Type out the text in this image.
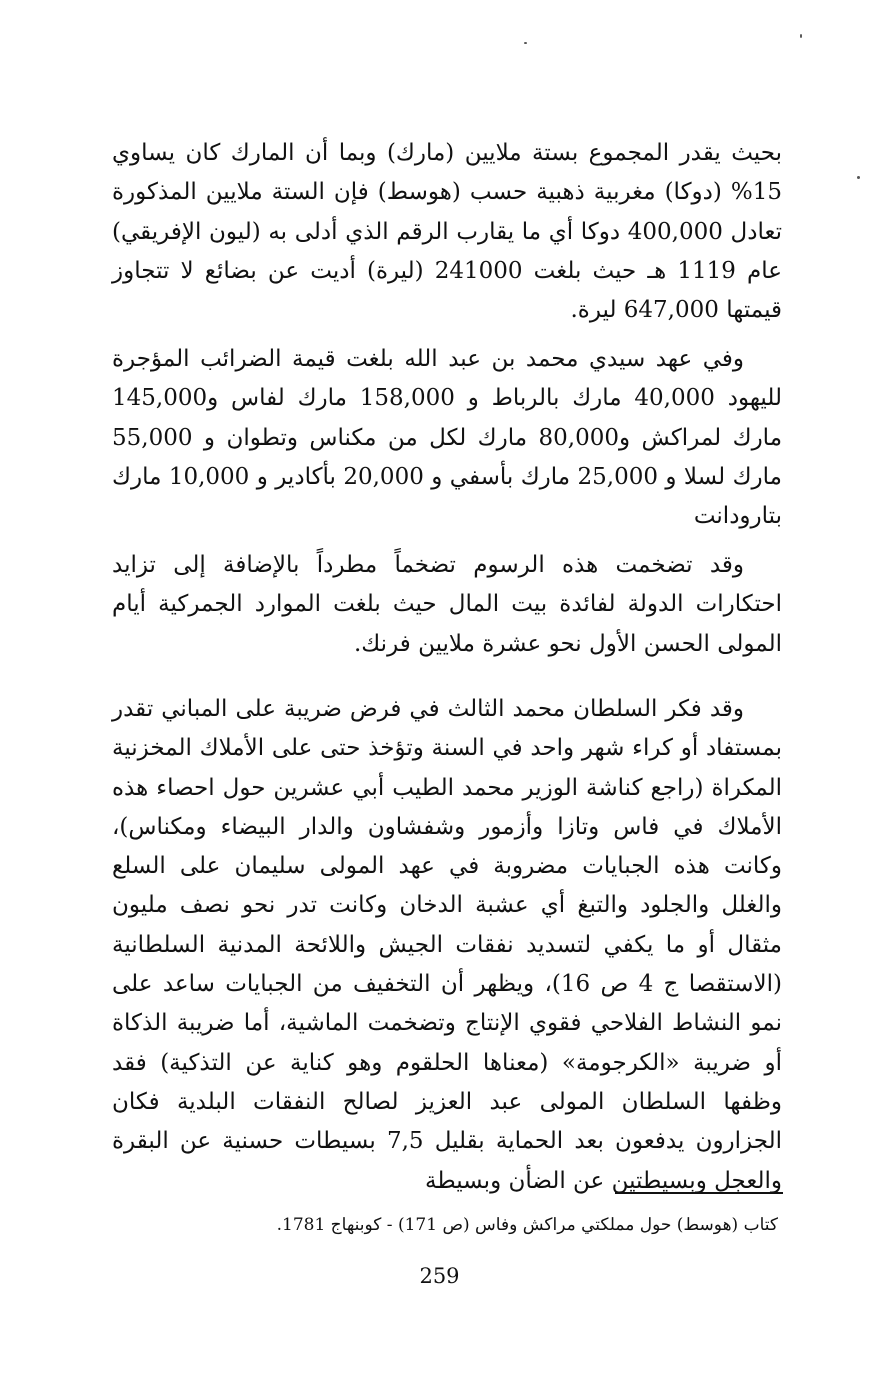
بحيث يقدر المجموع بستة ملايين (مارك) وبما أن المارك كان يساوي 15% (دوكا) مغربية ذهبية حسب (هوسط) فإن الستة ملايين المذكورة تعادل 400,000 دوكا أي ما يقارب الرقم الذي أدلى به (ليون الإفريقي) عام 1119 هـ حيث بلغت 241000 (ليرة) أديت عن بضائع لا تتجاوز قيمتها 647,000 ليرة.

وفي عهد سيدي محمد بن عبد الله بلغت قيمة الضرائب المؤجرة لليهود 40,000 مارك بالرباط و 158,000 مارك لفاس و145,000 مارك لمراكش و80,000 مارك لكل من مكناس وتطوان و 55,000 مارك لسلا و 25,000 مارك بأسفي و 20,000 بأكادير و 10,000 مارك بتارودانت

وقد تضخمت هذه الرسوم تضخماً مطرداً بالإضافة إلى تزايد احتكارات الدولة لفائدة بيت المال حيث بلغت الموارد الجمركية أيام المولى الحسن الأول نحو عشرة ملايين فرنك.

وقد فكر السلطان محمد الثالث في فرض ضريبة على المباني تقدر بمستفاد أو كراء شهر واحد في السنة وتؤخذ حتى على الأملاك المخزنية المكراة (راجع كناشة الوزير محمد الطيب أبي عشرين حول احصاء هذه الأملاك في فاس وتازا وأزمور وشفشاون والدار البيضاء ومكناس)، وكانت هذه الجبايات مضروبة في عهد المولى سليمان على السلع والغلل والجلود والتبغ أي عشبة الدخان وكانت تدر نحو نصف مليون مثقال أو ما يكفي لتسديد نفقات الجيش واللائحة المدنية السلطانية (الاستقصا ج 4 ص 16)، ويظهر أن التخفيف من الجبايات ساعد على نمو النشاط الفلاحي فقوي الإنتاج وتضخمت الماشية، أما ضريبة الذكاة أو ضريبة «الكرجومة» (معناها الحلقوم وهو كناية عن التذكية) فقد وظفها السلطان المولى عبد العزيز لصالح النفقات البلدية فكان الجزارون يدفعون بعد الحماية بقليل 7,5 بسيطات حسنية عن البقرة والعجل وبسيطتين عن الضأن وبسيطة

كتاب (هوسط) حول مملكتي مراكش وفاس (ص 171) - كوبنهاج 1781.
259
